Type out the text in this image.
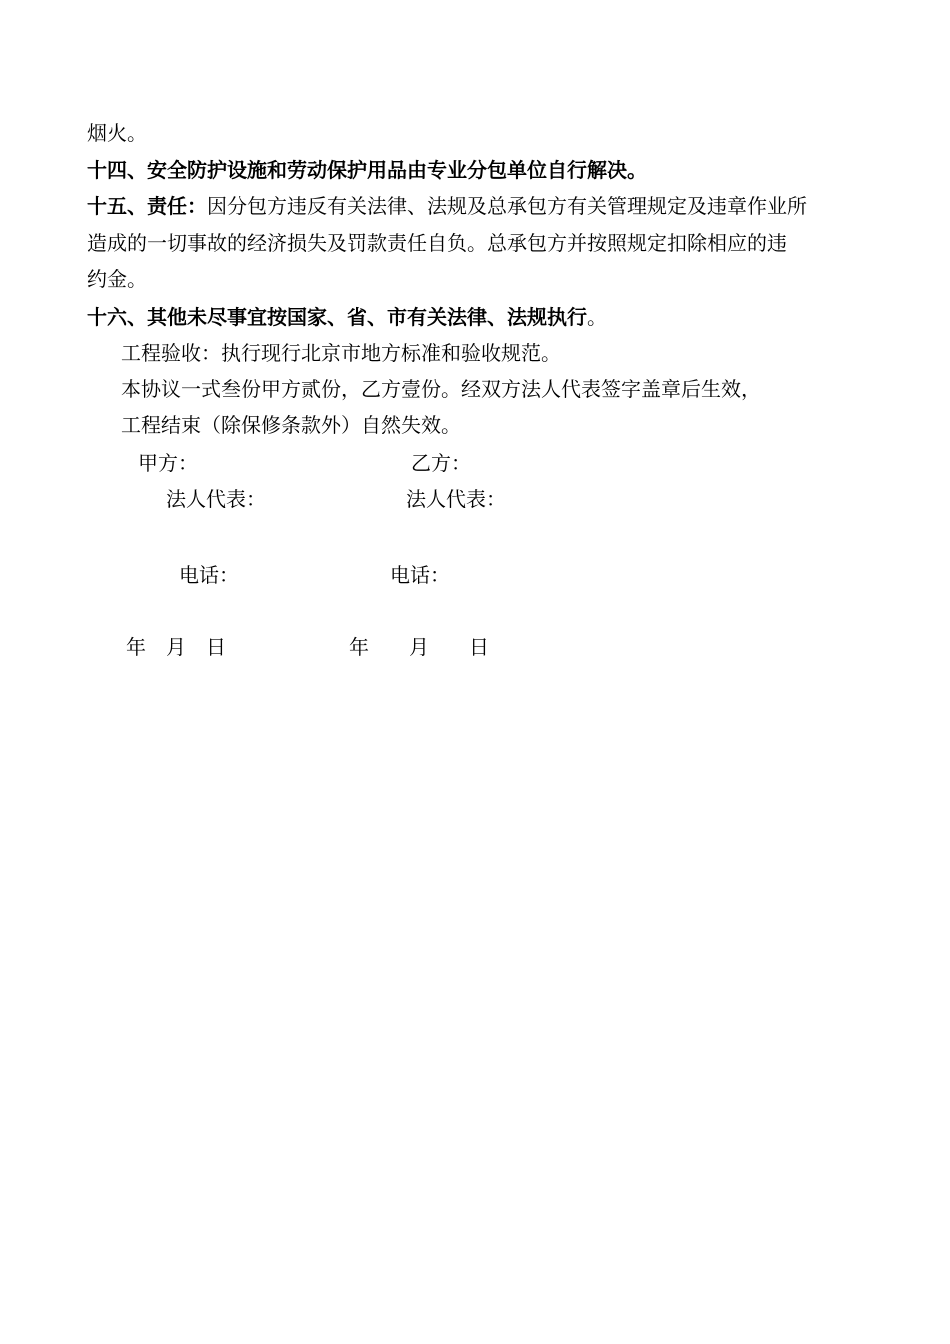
烟火。
十四、安全防护设施和劳动保护用品由专业分包单位自行解决。
十五、责任：因分包方违反有关法律、法规及总承包方有关管理规定及违章作业所
造成的一切事故的经济损失及罚款责任自负。总承包方并按照规定扣除相应的违
约金。
十六、其他未尽事宜按国家、省、市有关法律、法规执行。
工程验收：执行现行北京市地方标准和验收规范。
本协议一式叁份甲方贰份，乙方壹份。经双方法人代表签字盖章后生效，
工程结束（除保修条款外）自然失效。
甲方：	乙方：
法人代表：	法人代表：
电话：	电话：
年　月　日	年　　月　　日
